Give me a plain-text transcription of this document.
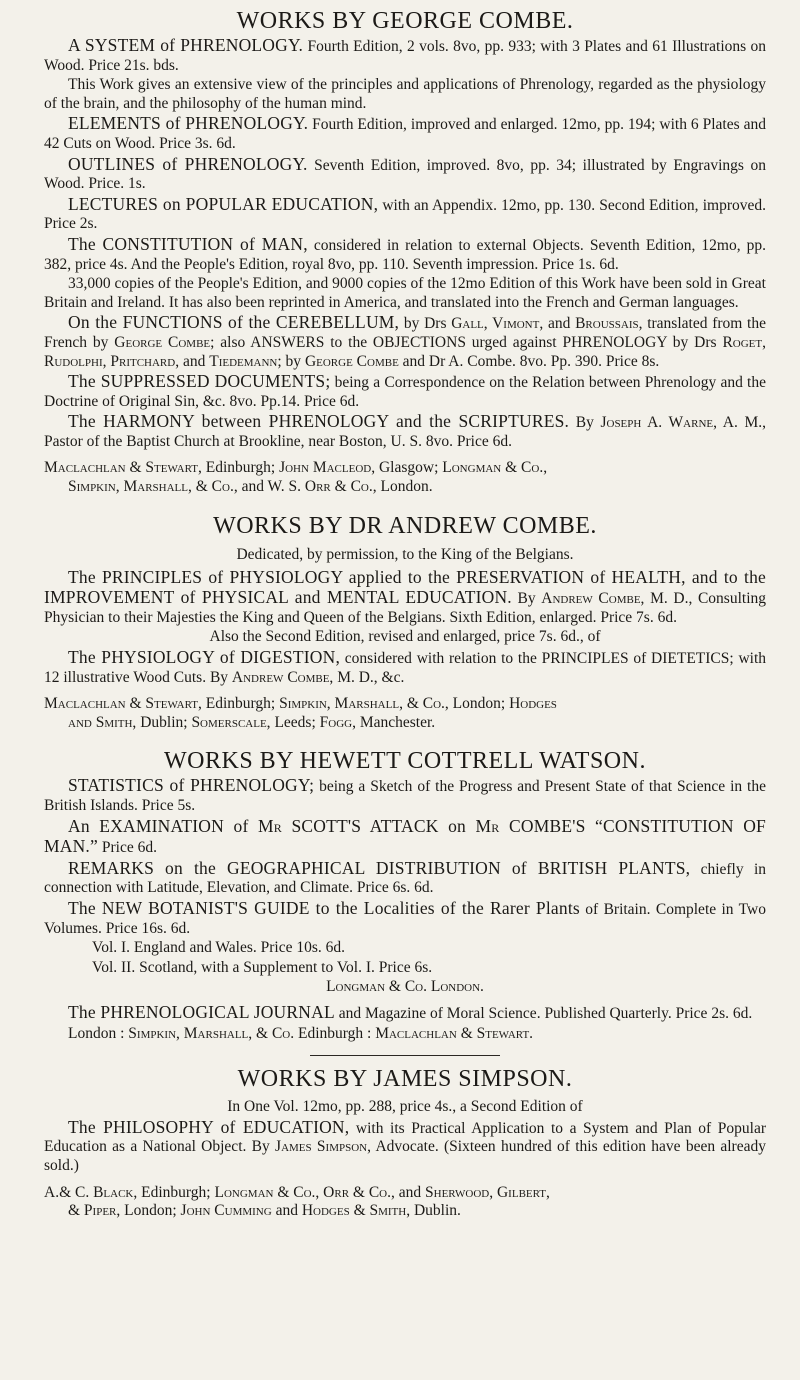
WORKS BY GEORGE COMBE.

A SYSTEM of PHRENOLOGY. Fourth Edition, 2 vols. 8vo, pp. 933; with 3 Plates and 61 Illustrations on Wood. Price 21s. bds.

This Work gives an extensive view of the principles and applications of Phrenology, regarded as the physiology of the brain, and the philosophy of the human mind.

ELEMENTS of PHRENOLOGY. Fourth Edition, improved and enlarged. 12mo, pp. 194; with 6 Plates and 42 Cuts on Wood. Price 3s. 6d.

OUTLINES of PHRENOLOGY. Seventh Edition, improved. 8vo, pp. 34; illustrated by Engravings on Wood. Price. 1s.

LECTURES on POPULAR EDUCATION, with an Appendix. 12mo, pp. 130. Second Edition, improved. Price 2s.

The CONSTITUTION of MAN, considered in relation to external Objects. Seventh Edition, 12mo, pp. 382, price 4s. And the People's Edition, royal 8vo, pp. 110. Seventh impression. Price 1s. 6d.

33,000 copies of the People's Edition, and 9000 copies of the 12mo Edition of this Work have been sold in Great Britain and Ireland. It has also been reprinted in America, and translated into the French and German languages.

On the FUNCTIONS of the CEREBELLUM, by Drs Gall, Vimont, and Broussais, translated from the French by George Combe; also ANSWERS to the OBJECTIONS urged against PHRENOLOGY by Drs Roget, Rudolphi, Pritchard, and Tiedemann; by George Combe and Dr A. Combe. 8vo. Pp. 390. Price 8s.

The SUPPRESSED DOCUMENTS; being a Correspondence on the Relation between Phrenology and the Doctrine of Original Sin, &c. 8vo. Pp.14. Price 6d.

The HARMONY between PHRENOLOGY and the SCRIPTURES. By Joseph A. Warne, A. M., Pastor of the Baptist Church at Brookline, near Boston, U. S. 8vo. Price 6d.

Maclachlan & Stewart, Edinburgh; John Macleod, Glasgow; Longman & Co.,
Simpkin, Marshall, & Co., and W. S. Orr & Co., London.

WORKS BY DR ANDREW COMBE.

Dedicated, by permission, to the King of the Belgians.

The PRINCIPLES of PHYSIOLOGY applied to the PRESERVATION of HEALTH, and to the IMPROVEMENT of PHYSICAL and MENTAL EDUCATION. By Andrew Combe, M. D., Consulting Physician to their Majesties the King and Queen of the Belgians. Sixth Edition, enlarged. Price 7s. 6d.

Also the Second Edition, revised and enlarged, price 7s. 6d., of

The PHYSIOLOGY of DIGESTION, considered with relation to the PRINCIPLES of DIETETICS; with 12 illustrative Wood Cuts. By Andrew Combe, M. D., &c.

Maclachlan & Stewart, Edinburgh; Simpkin, Marshall, & Co., London; Hodges
and Smith, Dublin; Somerscale, Leeds; Fogg, Manchester.

WORKS BY HEWETT COTTRELL WATSON.

STATISTICS of PHRENOLOGY; being a Sketch of the Progress and Present State of that Science in the British Islands. Price 5s.

An EXAMINATION of Mr SCOTT'S ATTACK on Mr COMBE'S “CONSTITUTION OF MAN.” Price 6d.

REMARKS on the GEOGRAPHICAL DISTRIBUTION of BRITISH PLANTS, chiefly in connection with Latitude, Elevation, and Climate. Price 6s. 6d.

The NEW BOTANIST'S GUIDE to the Localities of the Rarer Plants of Britain. Complete in Two Volumes. Price 16s. 6d.

Vol. I. England and Wales. Price 10s. 6d.

Vol. II. Scotland, with a Supplement to Vol. I. Price 6s.

Longman & Co. London.

The PHRENOLOGICAL JOURNAL and Magazine of Moral Science. Published Quarterly. Price 2s. 6d.

London : Simpkin, Marshall, & Co. Edinburgh : Maclachlan & Stewart.

WORKS BY JAMES SIMPSON.

In One Vol. 12mo, pp. 288, price 4s., a Second Edition of

The PHILOSOPHY of EDUCATION, with its Practical Application to a System and Plan of Popular Education as a National Object. By James Simpson, Advocate. (Sixteen hundred of this edition have been already sold.)

A.& C. Black, Edinburgh; Longman & Co., Orr & Co., and Sherwood, Gilbert,
& Piper, London; John Cumming and Hodges & Smith, Dublin.
